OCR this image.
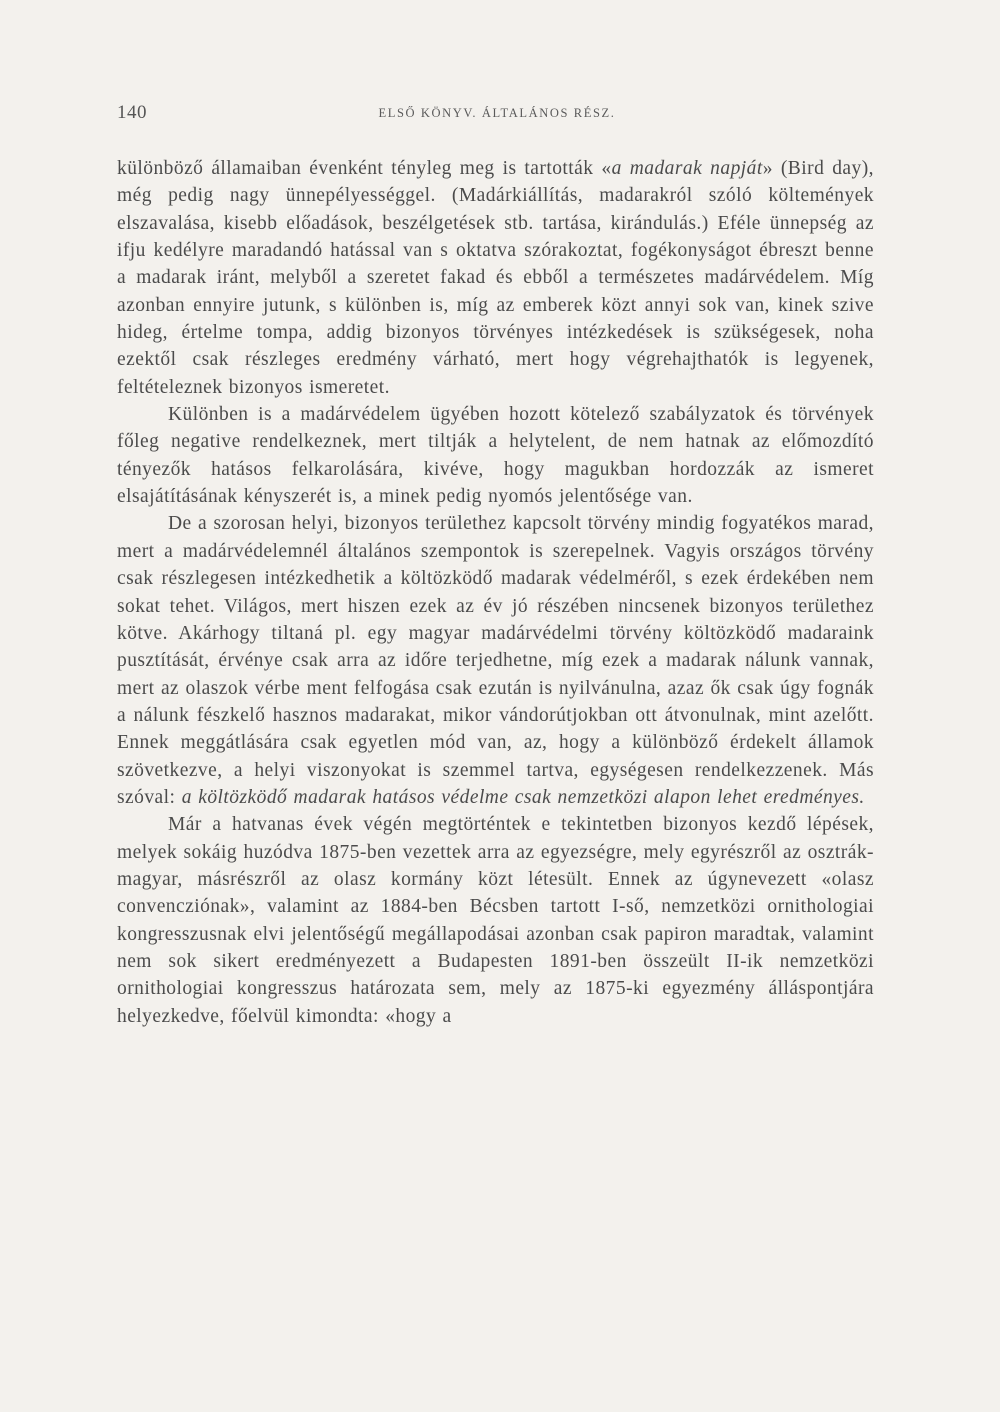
140	ELSŐ KÖNYV. ÁLTALÁNOS RÉSZ.

különböző államaiban évenként tényleg meg is tartották «a madarak napját» (Bird day), még pedig nagy ünnepélyességgel. (Madárkiállítás, madarakról szóló költemények elszavalása, kisebb előadások, beszélgetések stb. tartása, kirándulás.) Eféle ünnepség az ifju kedélyre maradandó hatással van s oktatva szórakoztat, fogékonyságot ébreszt benne a madarak iránt, melyből a szeretet fakad és ebből a természetes madárvédelem. Míg azonban ennyire jutunk, s különben is, míg az emberek közt annyi sok van, kinek szive hideg, értelme tompa, addig bizonyos törvényes intézkedések is szükségesek, noha ezektől csak részleges eredmény várható, mert hogy végrehajthatók is legyenek, feltételeznek bizonyos ismeretet.

Különben is a madárvédelem ügyében hozott kötelező szabályzatok és törvények főleg negative rendelkeznek, mert tiltják a helytelent, de nem hatnak az előmozdító tényezők hatásos felkarolására, kivéve, hogy magukban hordozzák az ismeret elsajátításának kényszerét is, a minek pedig nyomós jelentősége van.

De a szorosan helyi, bizonyos területhez kapcsolt törvény mindig fogyatékos marad, mert a madárvédelemnél általános szempontok is szerepelnek. Vagyis országos törvény csak részlegesen intézkedhetik a költözködő madarak védelméről, s ezek érdekében nem sokat tehet. Világos, mert hiszen ezek az év jó részében nincsenek bizonyos területhez kötve. Akárhogy tiltaná pl. egy magyar madárvédelmi törvény költözködő madaraink pusztítását, érvénye csak arra az időre terjedhetne, míg ezek a madarak nálunk vannak, mert az olaszok vérbe ment felfogása csak ezután is nyilvánulna, azaz ők csak úgy fognák a nálunk fészkelő hasznos madarakat, mikor vándorútjokban ott átvonulnak, mint azelőtt. Ennek meggátlására csak egyetlen mód van, az, hogy a különböző érdekelt államok szövetkezve, a helyi viszonyokat is szemmel tartva, egységesen rendelkezzenek. Más szóval: a költözködő madarak hatásos védelme csak nemzetközi alapon lehet eredményes.

Már a hatvanas évek végén megtörténtek e tekintetben bizonyos kezdő lépések, melyek sokáig huzódva 1875-ben vezettek arra az egyezségre, mely egyrészről az osztrák-magyar, másrészről az olasz kormány közt létesült. Ennek az úgynevezett «olasz convencziónak», valamint az 1884-ben Bécsben tartott I-ső, nemzetközi ornithologiai kongresszusnak elvi jelentőségű megállapodásai azonban csak papiron maradtak, valamint nem sok sikert eredményezett a Budapesten 1891-ben összeült II-ik nemzetközi ornithologiai kongresszus határozata sem, mely az 1875-ki egyezmény álláspontjára helyezkedve, főelvül kimondta: «hogy a
